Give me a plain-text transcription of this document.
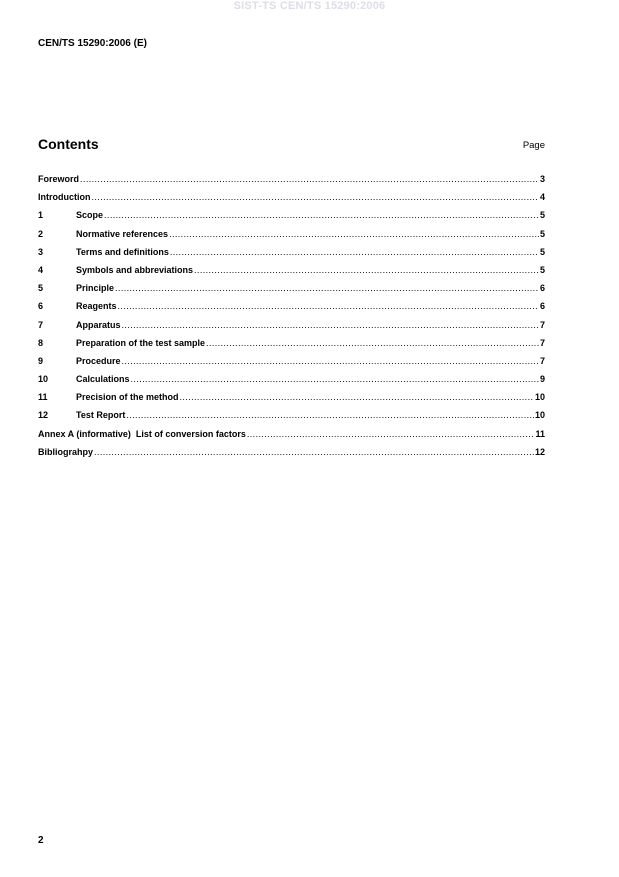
SIST-TS CEN/TS 15290:2006
CEN/TS 15290:2006 (E)
Contents	Page
Foreword .....	3
Introduction .....	4
1	Scope .....	5
2	Normative references .....	5
3	Terms and definitions .....	5
4	Symbols and abbreviations .....	5
5	Principle .....	6
6	Reagents .....	6
7	Apparatus .....	7
8	Preparation of the test sample .....	7
9	Procedure .....	7
10	Calculations .....	9
11	Precision of the method .....	10
12	Test Report .....	10
Annex A (informative)  List of conversion factors .....	11
Bibliograhpy .....	12
2
